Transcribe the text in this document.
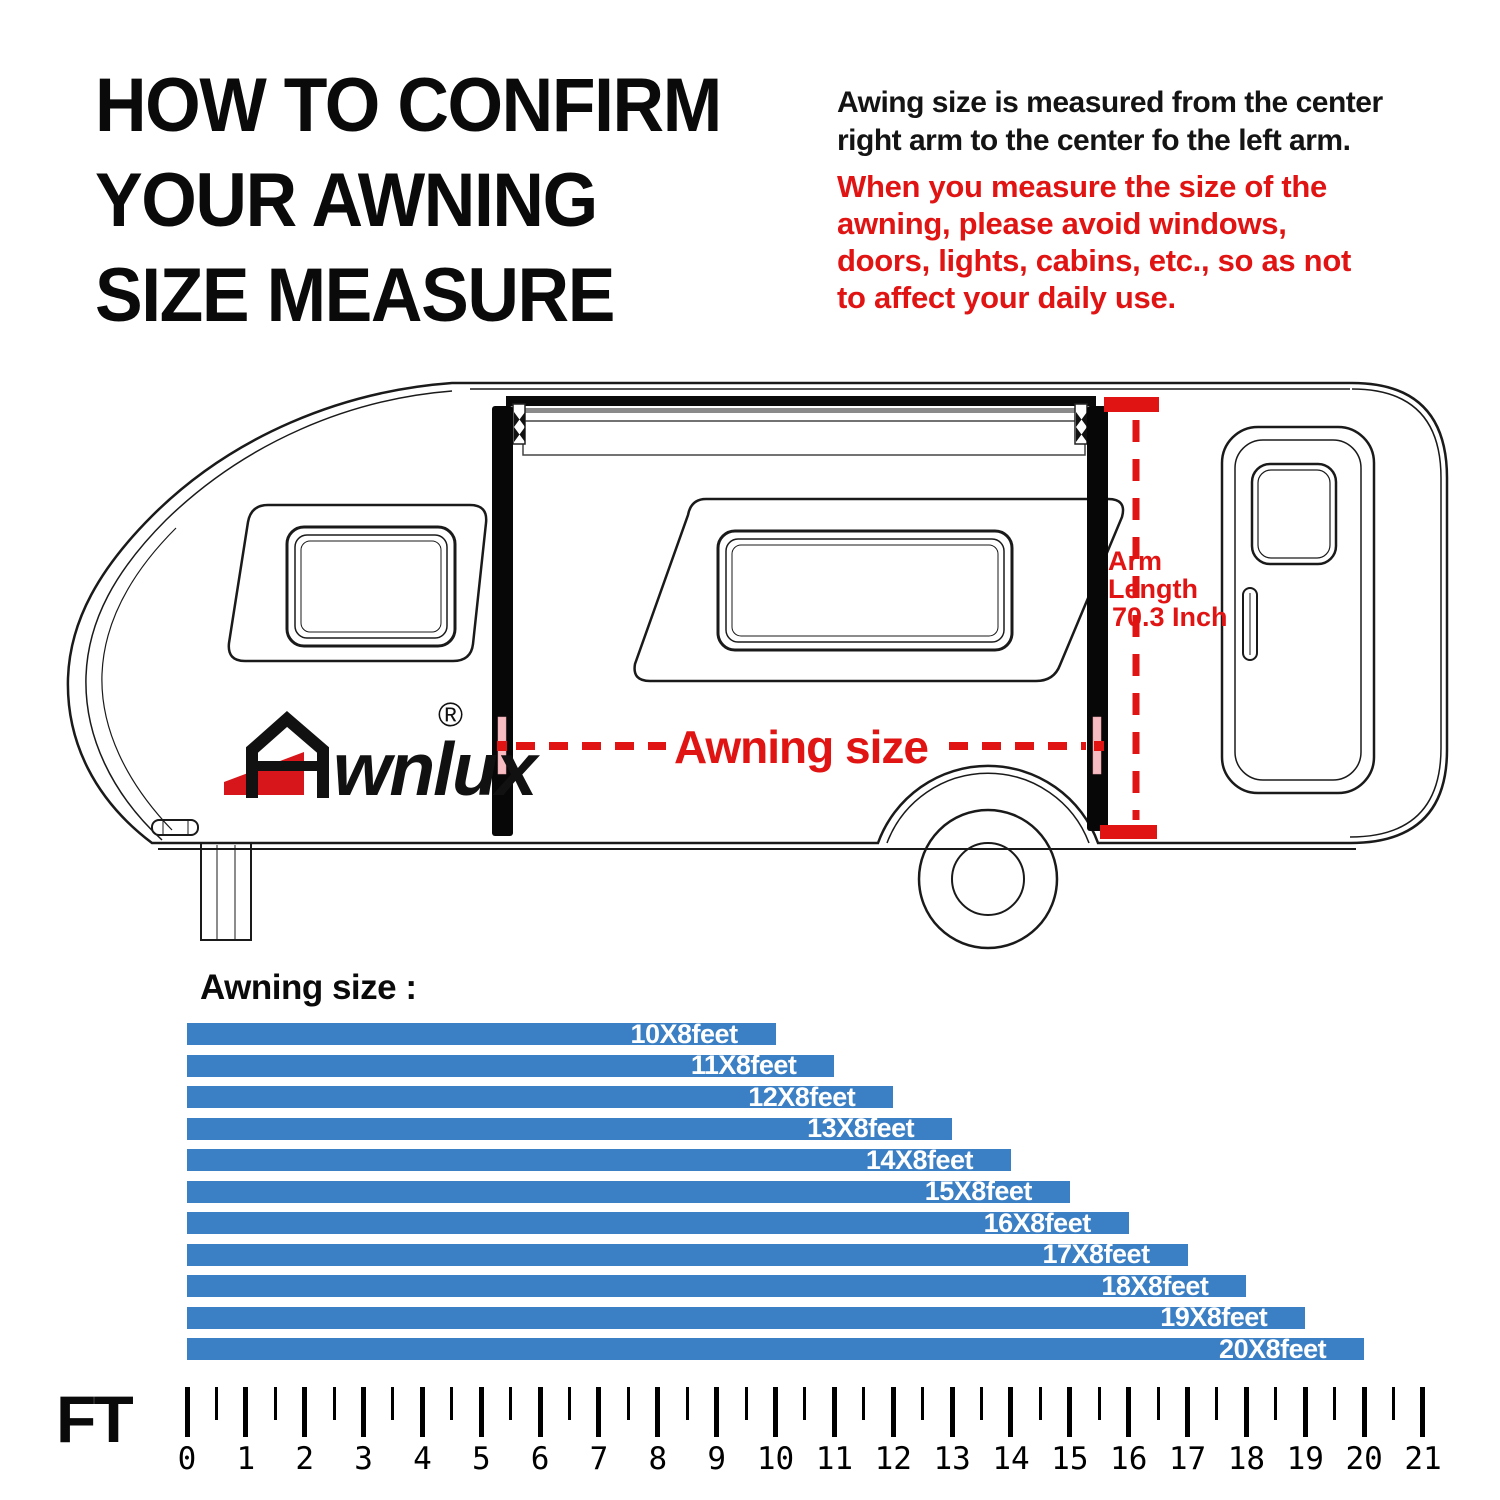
wnlux
®
HOW TO CONFIRM
YOUR AWNING
SIZE MEASURE
Awing size is measured from the center
right arm to the center fo the left arm.
When you measure the size of the
awning, please avoid windows,
doors, lights, cabins, etc., so as not
to affect your daily use.
Awning size
Arm
Length
70.3 Inch
Awning size :
10X8feet
11X8feet
12X8feet
13X8feet
14X8feet
15X8feet
16X8feet
17X8feet
18X8feet
19X8feet
20X8feet
FT
0 1 2 3 4 5 6 7 8 9 10 11 12 13 14 15 16 17 18 19 20 21
